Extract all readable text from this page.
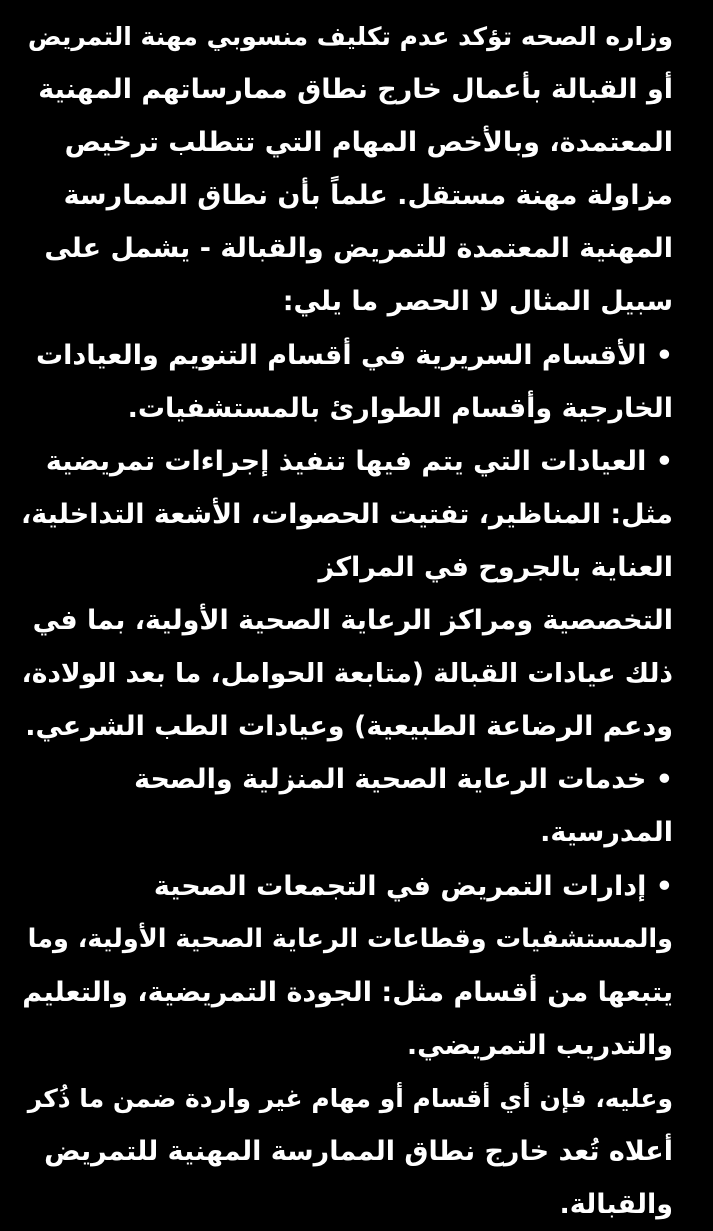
وزاره الصحه تؤكد عدم تكليف منسوبي مهنة التمريض
أو القبالة بأعمال خارج نطاق ممارساتهم المهنية
المعتمدة، وبالأخص المهام التي تتطلب ترخيص
مزاولة مهنة مستقل. علماً بأن نطاق الممارسة
المهنية المعتمدة للتمريض والقبالة - يشمل على
سبيل المثال لا الحصر ما يلي:
• الأقسام السريرية في أقسام التنويم والعيادات
الخارجية وأقسام الطوارئ بالمستشفيات.
• العيادات التي يتم فيها تنفيذ إجراءات تمريضية
مثل: المناظير، تفتيت الحصوات، الأشعة التداخلية،
العناية بالجروح في المراكز
التخصصية ومراكز الرعاية الصحية الأولية، بما في
ذلك عيادات القبالة (متابعة الحوامل، ما بعد الولادة،
ودعم الرضاعة الطبيعية) وعيادات الطب الشرعي.
• خدمات الرعاية الصحية المنزلية والصحة
المدرسية.
• إدارات التمريض في التجمعات الصحية
والمستشفيات وقطاعات الرعاية الصحية الأولية، وما
يتبعها من أقسام مثل: الجودة التمريضية، والتعليم
والتدريب التمريضي.
وعليه، فإن أي أقسام أو مهام غير واردة ضمن ما ذُكر
أعلاه تُعد خارج نطاق الممارسة المهنية للتمريض
والقبالة.
